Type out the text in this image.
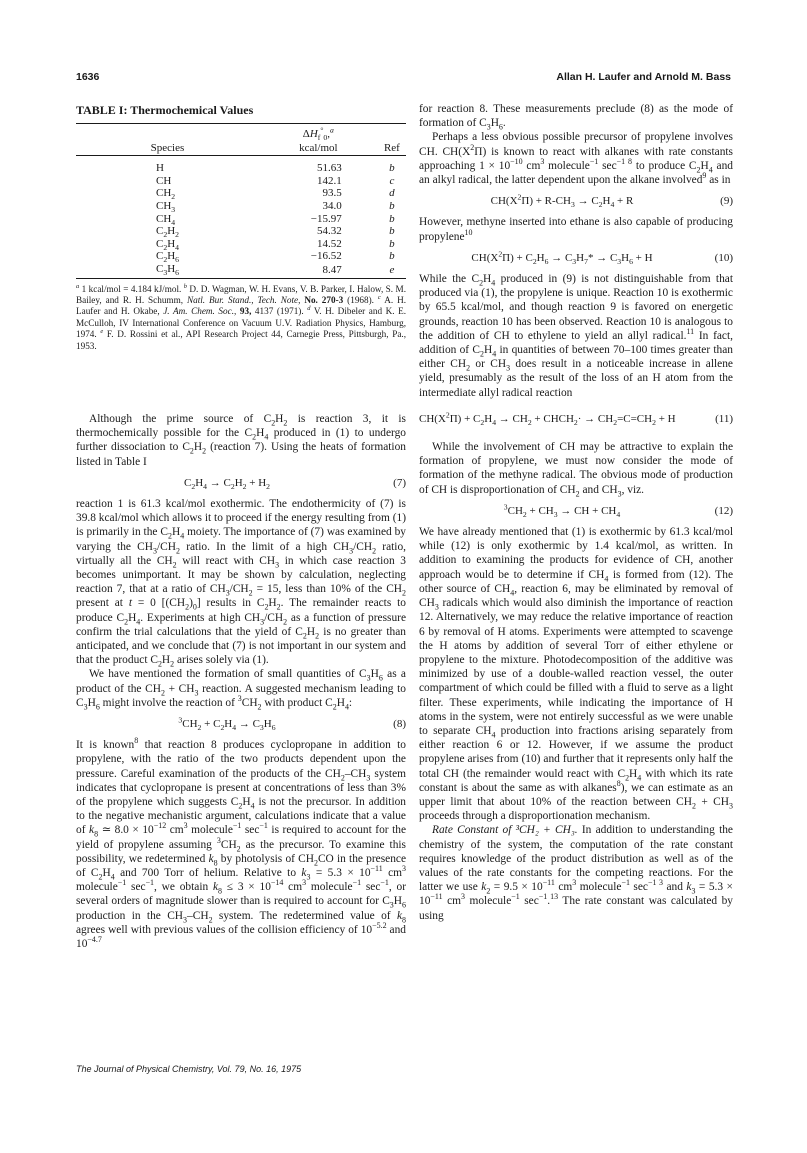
1636	Allan H. Laufer and Arnold M. Bass
TABLE I: Thermochemical Values
	$\Delta H_f^\circ_0,^a$	
Species	kcal/mol	Ref

H	51.63	b
CH	142.1	c
$CH_2$	93.5	d
$CH_3$	34.0	b
$CH_4$	−15.97	b
$C_2H_2$	54.32	b
$C_2H_4$	14.52	b
$C_2H_6$	−16.52	b
$C_3H_6$	8.47	e

$^a$ 1 kcal/mol = 4.184 kJ/mol. $^b$ D. D. Wagman, W. H. Evans, V. B. Parker, I. Halow, S. M. Bailey, and R. H. Schumm, Natl. Bur. Stand., Tech. Note, No. 270-3 (1968). $^c$ A. H. Laufer and H. Okabe, J. Am. Chem. Soc., 93, 4137 (1971). $^d$ V. H. Dibeler and K. E. McCulloh, IV International Conference on Vacuum U.V. Radiation Physics, Hamburg, 1974. $^e$ F. D. Rossini et al., API Research Project 44, Carnegie Press, Pittsburgh, Pa., 1953.

Although the prime source of $C_2H_2$ is reaction 3, it is thermochemically possible for the $C_2H_4$ produced in (1) to undergo further dissociation to $C_2H_2$ (reaction 7). Using the heats of formation listed in Table I

$C_2H_4 \to C_2H_2 + H_2$	(7)

reaction 1 is 61.3 kcal/mol exothermic. The endothermicity of (7) is 39.8 kcal/mol which allows it to proceed if the energy resulting from (1) is primarily in the $C_2H_4$ moiety. The importance of (7) was examined by varying the $CH_3/CH_2$ ratio. In the limit of a high $CH_3/CH_2$ ratio, virtually all the $CH_2$ will react with $CH_3$ in which case reaction 3 becomes unimportant. It may be shown by calculation, neglecting reaction 7, that at a ratio of $CH_3/CH_2 = 15$, less than 10% of the $CH_2$ present at t = 0 $[(CH_2)_0]$ results in $C_2H_2$. The remainder reacts to produce $C_2H_4$. Experiments at high $CH_3/CH_2$ as a function of pressure confirm the trial calculations that the yield of $C_2H_2$ is no greater than anticipated, and we conclude that (7) is not important in our system and that the product $C_2H_2$ arises solely via (1).

We have mentioned the formation of small quantities of $C_3H_6$ as a product of the $CH_2 + CH_3$ reaction. A suggested mechanism leading to $C_3H_6$ might involve the reaction of $^3CH_2$ with product $C_2H_4$:

$^3CH_2 + C_2H_4 \to C_3H_6$	(8)

It is known$^8$ that reaction 8 produces cyclopropane in addition to propylene, with the ratio of the two products dependent upon the pressure. Careful examination of the products of the $CH_2-CH_3$ system indicates that cyclopropane is present at concentrations of less than 3% of the propylene which suggests $C_2H_4$ is not the precursor. In addition to the negative mechanistic argument, calculations indicate that a value of $k_8$ ≃ $8.0 \times 10^{-12}$ $cm^3$ molecule$^{-1}$ $\sec^{-1}$ is required to account for the yield of propylene assuming $^3CH_2$ as the precursor. To examine this possibility, we redetermined $k_8$ by photolysis of $CH_2CO$ in the presence of $C_2H_4$ and 700 Torr of helium. Relative to $k_3 = 5.3 \times 10^{-11}$ $cm^3$ molecule$^{-1}$ $\sec^{-1}$, we obtain $k_8 \le 3 \times 10^{-14}$ $cm^3$ molecule$^{-1}$ $\sec^{-1}$, or several orders of magnitude slower than is required to account for $C_3H_6$ production in the $CH_3-CH_2$ system. The redetermined value of $k_8$ agrees well with previous values of the collision efficiency of $10^{-5.2}$ and $10^{-4.7}$

for reaction 8. These measurements preclude (8) as the mode of formation of $C_3H_6$.

Perhaps a less obvious possible precursor of propylene involves CH. $CH(X^2\Pi)$ is known to react with alkanes with rate constants approaching $1 \times 10^{-10}$ $cm^3$ molecule$^{-1}$ $\sec^{-1 8}$ to produce $C_2H_4$ and an alkyl radical, the latter dependent upon the alkane involved$^9$ as in

$CH(X^2\Pi) + R-CH_3 \to C_2H_4 + R$	(9)

However, methyne inserted into ethane is also capable of producing propylene$^{10}$

$CH(X^2\Pi) + C_2H_6 \to C_3H_7* \to C_3H_6 + H$	(10)

While the $C_2H_4$ produced in (9) is not distinguishable from that produced via (1), the propylene is unique. Reaction 10 is exothermic by 65.5 kcal/mol, and though reaction 9 is favored on energetic grounds, reaction 10 has been observed. Reaction 10 is analogous to the addition of CH to ethylene to yield an allyl radical.$^{11}$ In fact, addition of $C_2H_4$ in quantities of between 70–100 times greater than either $CH_2$ or $CH_3$ does result in a noticeable increase in allene yield, presumably as the result of the loss of an H atom from the intermediate allyl radical reaction

$CH(X^2\Pi) + C_2H_4 \to CH_2$ + $CHCH_2\cdot \to CH_2=C=CH_2 + H$	(11)

While the involvement of CH may be attractive to explain the formation of propylene, we must now consider the mode of formation of the methyne radical. The obvious mode of production of CH is disproportionation of $CH_2$ and $CH_3$, viz.

$^3CH_2 + CH_3$ → CH + $CH_4$	(12)

We have already mentioned that (1) is exothermic by 61.3 kcal/mol while (12) is only exothermic by 1.4 kcal/mol, as written. In addition to examining the products for evidence of CH, another approach would be to determine if $CH_4$ is formed from (12). The other source of $CH_4$, reaction 6, may be eliminated by removal of $CH_3$ radicals which would also diminish the importance of reaction 12. Alternatively, we may reduce the relative importance of reaction 6 by removal of H atoms. Experiments were attempted to scavenge the H atoms by addition of several Torr of either ethylene or propylene to the mixture. Photodecomposition of the additive was minimized by use of a double-walled reaction vessel, the outer compartment of which could be filled with a fluid to serve as a light filter. These experiments, while indicating the importance of H atoms in the system, were not entirely successful as we were unable to separate $CH_4$ production into fractions arising separately from either reaction 6 or 12. However, if we assume the product propylene arises from (10) and further that it represents only half the total CH (the remainder would react with $C_2H_4$ with which its rate constant is about the same as with alkanes$^8$), we can estimate as an upper limit that about 10% of the reaction between $CH_2 + CH_3$ proceeds through a disproportionation mechanism.

Rate Constant of ³CH₂ + CH₃. In addition to understanding the chemistry of the system, the computation of the rate constant requires knowledge of the product distribution as well as of the values of the rate constants for the competing reactions. For the latter we use $k_2 = 9.5 \times 10^{-11}$ $cm^3$ molecule$^{-1}$ $\sec^{-1 3}$ and $k_3 = 5.3 \times 10^{-11}$ $cm^3$ molecule$^{-1}$ $\sec^{-1}.^{13}$ The rate constant was calculated by using

The Journal of Physical Chemistry, Vol. 79, No. 16, 1975
